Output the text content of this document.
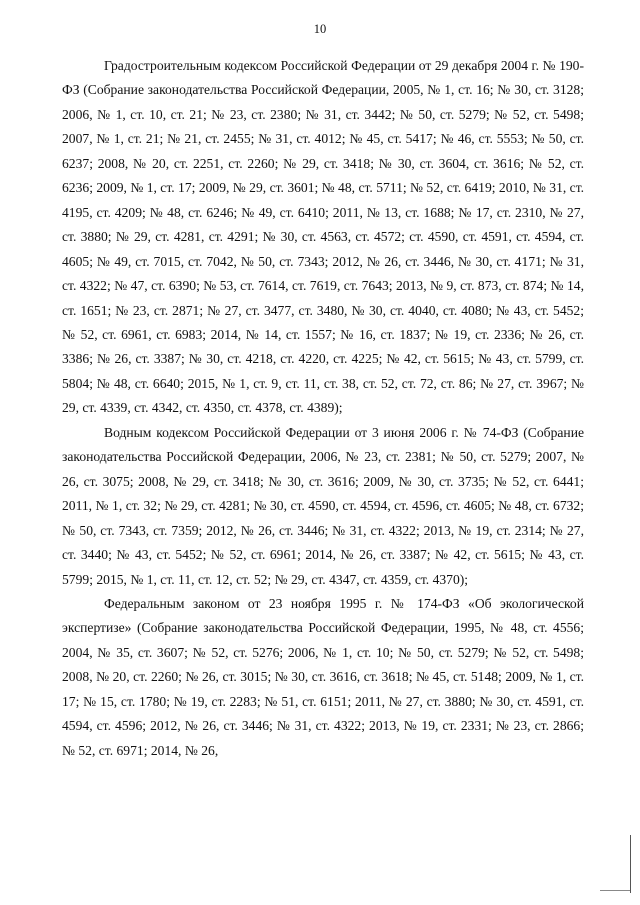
10

Градостроительным кодексом Российской Федерации от 29 декабря 2004 г. № 190-ФЗ (Собрание законодательства Российской Федерации, 2005, № 1, ст. 16; № 30, ст. 3128; 2006, № 1, ст. 10, ст. 21; № 23, ст. 2380; № 31, ст. 3442; № 50, ст. 5279; № 52, ст. 5498; 2007, № 1, ст. 21; № 21, ст. 2455; № 31, ст. 4012; № 45, ст. 5417; № 46, ст. 5553; № 50, ст. 6237; 2008, № 20, ст. 2251, ст. 2260; № 29, ст. 3418; № 30, ст. 3604, ст. 3616; № 52, ст. 6236; 2009, № 1, ст. 17; 2009, № 29, ст. 3601; № 48, ст. 5711; № 52, ст. 6419; 2010, № 31, ст. 4195, ст. 4209; № 48, ст. 6246; № 49, ст. 6410; 2011, № 13, ст. 1688; № 17, ст. 2310, № 27, ст. 3880; № 29, ст. 4281, ст. 4291; № 30, ст. 4563, ст. 4572; ст. 4590, ст. 4591, ст. 4594, ст. 4605; № 49, ст. 7015, ст. 7042, № 50, ст. 7343; 2012, № 26, ст. 3446, № 30, ст. 4171; № 31, ст. 4322; № 47, ст. 6390; № 53, ст. 7614, ст. 7619, ст. 7643; 2013, № 9, ст. 873, ст. 874; № 14, ст. 1651; № 23, ст. 2871; № 27, ст. 3477, ст. 3480, № 30, ст. 4040, ст. 4080; № 43, ст. 5452; № 52, ст. 6961, ст. 6983; 2014, № 14, ст. 1557; № 16, ст. 1837; № 19, ст. 2336; № 26, ст. 3386; № 26, ст. 3387; № 30, ст. 4218, ст. 4220, ст. 4225; № 42, ст. 5615; № 43, ст. 5799, ст. 5804; № 48, ст. 6640; 2015, № 1, ст. 9, ст. 11, ст. 38, ст. 52, ст. 72, ст. 86; № 27, ст. 3967; № 29, ст. 4339, ст. 4342, ст. 4350, ст. 4378, ст. 4389);

Водным кодексом Российской Федерации от 3 июня 2006 г. № 74-ФЗ (Собрание законодательства Российской Федерации, 2006, № 23, ст. 2381; № 50, ст. 5279; 2007, № 26, ст. 3075; 2008, № 29, ст. 3418; № 30, ст. 3616; 2009, № 30, ст. 3735; № 52, ст. 6441; 2011, № 1, ст. 32; № 29, ст. 4281; № 30, ст. 4590, ст. 4594, ст. 4596, ст. 4605; № 48, ст. 6732; № 50, ст. 7343, ст. 7359; 2012, № 26, ст. 3446; № 31, ст. 4322; 2013, № 19, ст. 2314; № 27, ст. 3440; № 43, ст. 5452; № 52, ст. 6961; 2014, № 26, ст. 3387; № 42, ст. 5615; № 43, ст. 5799; 2015, № 1, ст. 11, ст. 12, ст. 52; № 29, ст. 4347, ст. 4359, ст. 4370);

Федеральным законом от 23 ноября 1995 г. № 174-ФЗ «Об экологической экспертизе» (Собрание законодательства Российской Федерации, 1995, № 48, ст. 4556; 2004, № 35, ст. 3607; № 52, ст. 5276; 2006, № 1, ст. 10; № 50, ст. 5279; № 52, ст. 5498; 2008, № 20, ст. 2260; № 26, ст. 3015; № 30, ст. 3616, ст. 3618; № 45, ст. 5148; 2009, № 1, ст. 17; № 15, ст. 1780; № 19, ст. 2283; № 51, ст. 6151; 2011, № 27, ст. 3880; № 30, ст. 4591, ст. 4594, ст. 4596; 2012, № 26, ст. 3446; № 31, ст. 4322; 2013, № 19, ст. 2331; № 23, ст. 2866; № 52, ст. 6971; 2014, № 26,
